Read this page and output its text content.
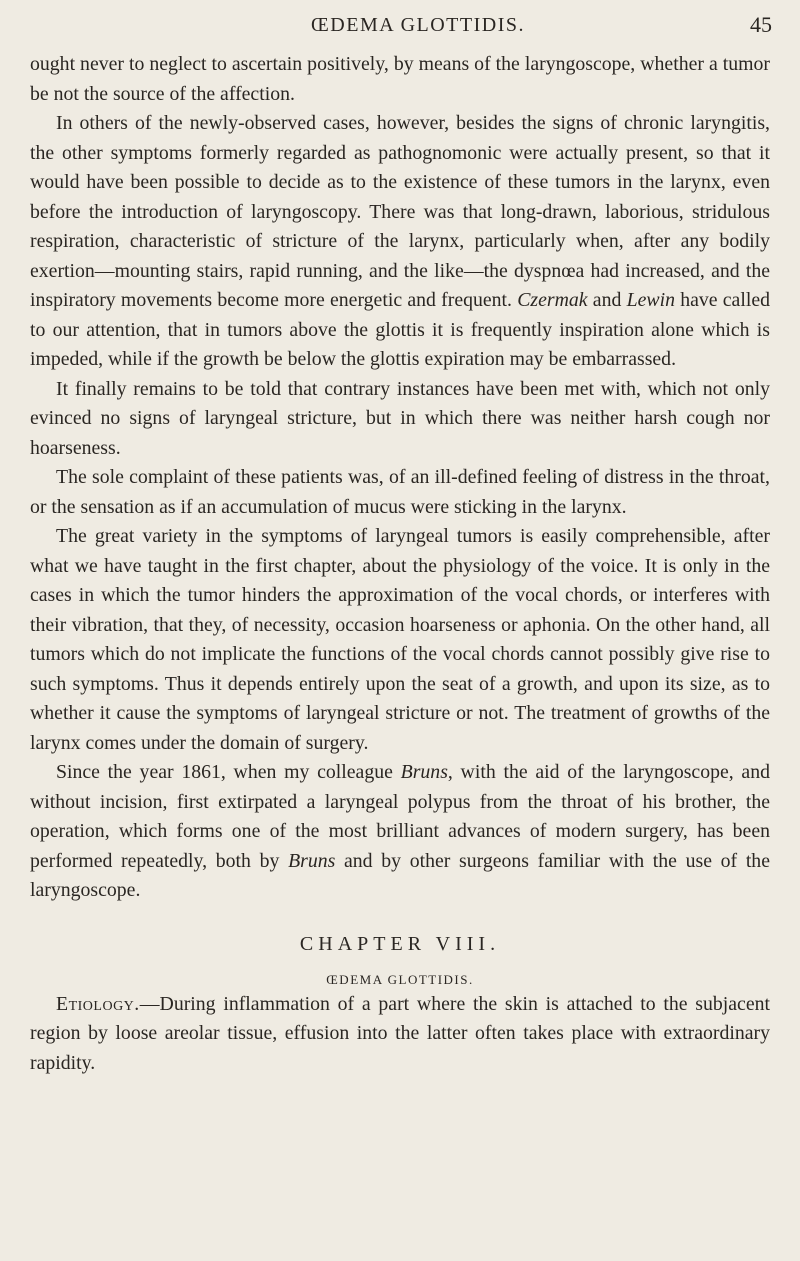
ŒDEMA GLOTTIDIS.	45

ought never to neglect to ascertain positively, by means of the laryngoscope, whether a tumor be not the source of the affection.

In others of the newly-observed cases, however, besides the signs of chronic laryngitis, the other symptoms formerly regarded as pathognomonic were actually present, so that it would have been possible to decide as to the existence of these tumors in the larynx, even before the introduction of laryngoscopy. There was that long-drawn, laborious, stridulous respiration, characteristic of stricture of the larynx, particularly when, after any bodily exertion—mounting stairs, rapid running, and the like—the dyspnœa had increased, and the inspiratory movements become more energetic and frequent. Czermak and Lewin have called to our attention, that in tumors above the glottis it is frequently inspiration alone which is impeded, while if the growth be below the glottis expiration may be embarrassed.

It finally remains to be told that contrary instances have been met with, which not only evinced no signs of laryngeal stricture, but in which there was neither harsh cough nor hoarseness.

The sole complaint of these patients was, of an ill-defined feeling of distress in the throat, or the sensation as if an accumulation of mucus were sticking in the larynx.

The great variety in the symptoms of laryngeal tumors is easily comprehensible, after what we have taught in the first chapter, about the physiology of the voice. It is only in the cases in which the tumor hinders the approximation of the vocal chords, or interferes with their vibration, that they, of necessity, occasion hoarseness or aphonia. On the other hand, all tumors which do not implicate the functions of the vocal chords cannot possibly give rise to such symptoms. Thus it depends entirely upon the seat of a growth, and upon its size, as to whether it cause the symptoms of laryngeal stricture or not. The treatment of growths of the larynx comes under the domain of surgery.

Since the year 1861, when my colleague Bruns, with the aid of the laryngoscope, and without incision, first extirpated a laryngeal polypus from the throat of his brother, the operation, which forms one of the most brilliant advances of modern surgery, has been performed repeatedly, both by Bruns and by other surgeons familiar with the use of the laryngoscope.

CHAPTER VIII.
ŒDEMA GLOTTIDIS.

Etiology.—During inflammation of a part where the skin is attached to the subjacent region by loose areolar tissue, effusion into the latter often takes place with extraordinary rapidity.
